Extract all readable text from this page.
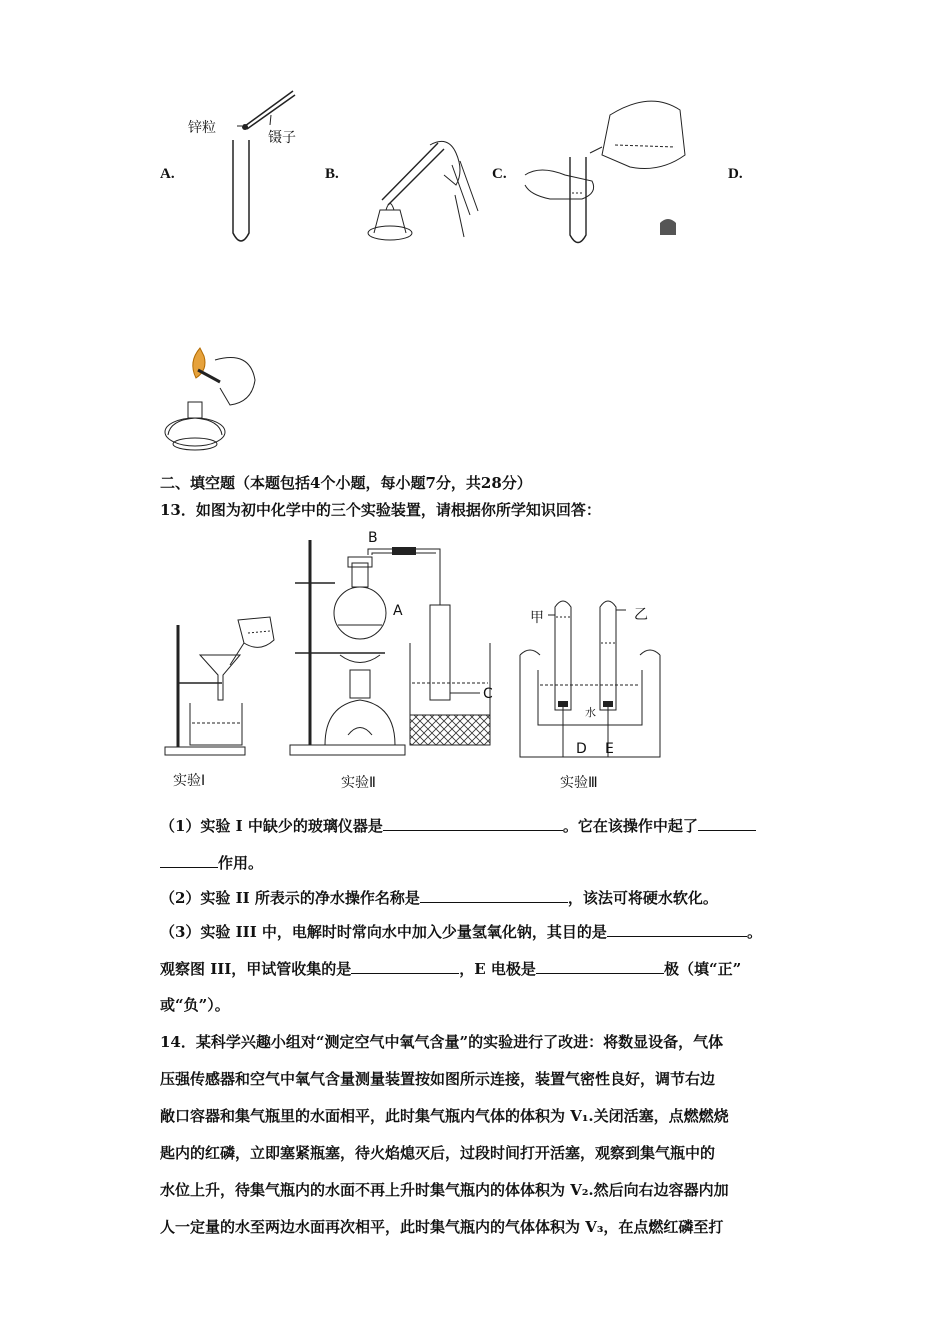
A.
锌粒
镊子
B.	C.	D.
二、填空题（本题包括4个小题，每小题7分，共28分）
13．如图为初中化学中的三个实验装置，请根据你所学知识回答：
B
A
C
甲	乙
水
D E
实验Ⅰ	实验Ⅱ	实验Ⅲ
（1）实验 I 中缺少的玻璃仪器是	。它在该操作中起了
作用。
（2）实验 II 所表示的净水操作名称是	，该法可将硬水软化。
（3）实验 III 中，电解时时常向水中加入少量氢氧化钠，其目的是	。
观察图 III，甲试管收集的是	，E 电极是	极（填“正”
或“负”）。
14．某科学兴趣小组对“测定空气中氧气含量”的实验进行了改进：将数显设备，气体
压强传感器和空气中氧气含量测量装置按如图所示连接，装置气密性良好，调节右边
敞口容器和集气瓶里的水面相平，此时集气瓶内气体的体积为 V₁.关闭活塞，点燃燃烧
匙内的红磷，立即塞紧瓶塞，待火焰熄灭后，过段时间打开活塞，观察到集气瓶中的
水位上升，待集气瓶内的水面不再上升时集气瓶内的体体积为 V₂.然后向右边容器内加
人一定量的水至两边水面再次相平，此时集气瓶内的气体体积为 V₃，在点燃红磷至打
